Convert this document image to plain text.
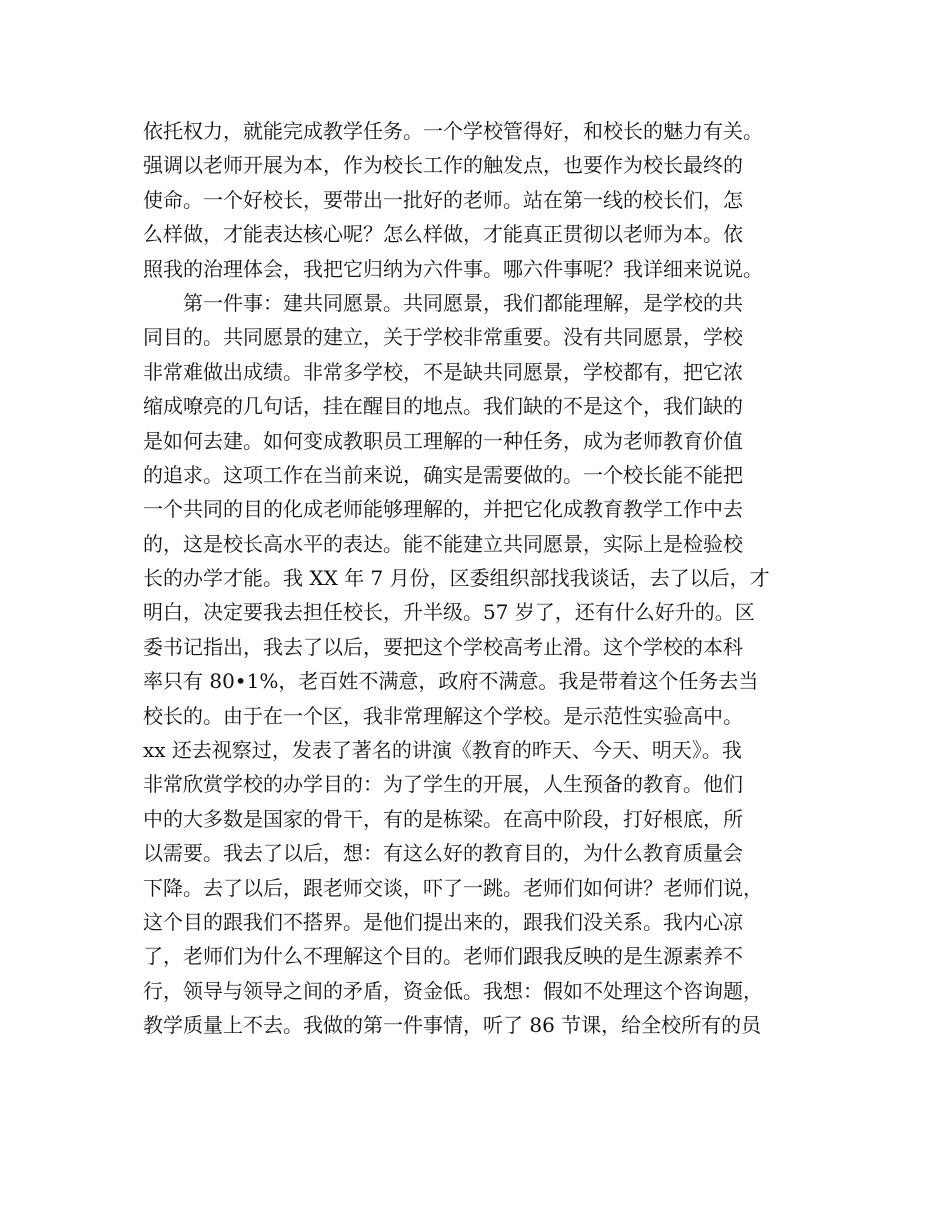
依托权力，就能完成教学任务。一个学校管得好，和校长的魅力有关。
强调以老师开展为本，作为校长工作的触发点，也要作为校长最终的
使命。一个好校长，要带出一批好的老师。站在第一线的校长们，怎
么样做，才能表达核心呢？怎么样做，才能真正贯彻以老师为本。依
照我的治理体会，我把它归纳为六件事。哪六件事呢？我详细来说说。
第一件事：建共同愿景。共同愿景，我们都能理解，是学校的共
同目的。共同愿景的建立，关于学校非常重要。没有共同愿景，学校
非常难做出成绩。非常多学校，不是缺共同愿景，学校都有，把它浓
缩成嘹亮的几句话，挂在醒目的地点。我们缺的不是这个，我们缺的
是如何去建。如何变成教职员工理解的一种任务，成为老师教育价值
的追求。这项工作在当前来说，确实是需要做的。一个校长能不能把
一个共同的目的化成老师能够理解的，并把它化成教育教学工作中去
的，这是校长高水平的表达。能不能建立共同愿景，实际上是检验校
长的办学才能。我 XX 年 7 月份，区委组织部找我谈话，去了以后，才
明白，决定要我去担任校长，升半级。57 岁了，还有什么好升的。区
委书记指出，我去了以后，要把这个学校高考止滑。这个学校的本科
率只有 80•1%，老百姓不满意，政府不满意。我是带着这个任务去当
校长的。由于在一个区，我非常理解这个学校。是示范性实验高中。
xx 还去视察过，发表了著名的讲演《教育的昨天、今天、明天》。我
非常欣赏学校的办学目的：为了学生的开展，人生预备的教育。他们
中的大多数是国家的骨干，有的是栋梁。在高中阶段，打好根底，所
以需要。我去了以后，想：有这么好的教育目的，为什么教育质量会
下降。去了以后，跟老师交谈，吓了一跳。老师们如何讲？老师们说，
这个目的跟我们不搭界。是他们提出来的，跟我们没关系。我内心凉
了，老师们为什么不理解这个目的。老师们跟我反映的是生源素养不
行，领导与领导之间的矛盾，资金低。我想：假如不处理这个咨询题，
教学质量上不去。我做的第一件事情，听了 86 节课，给全校所有的员
